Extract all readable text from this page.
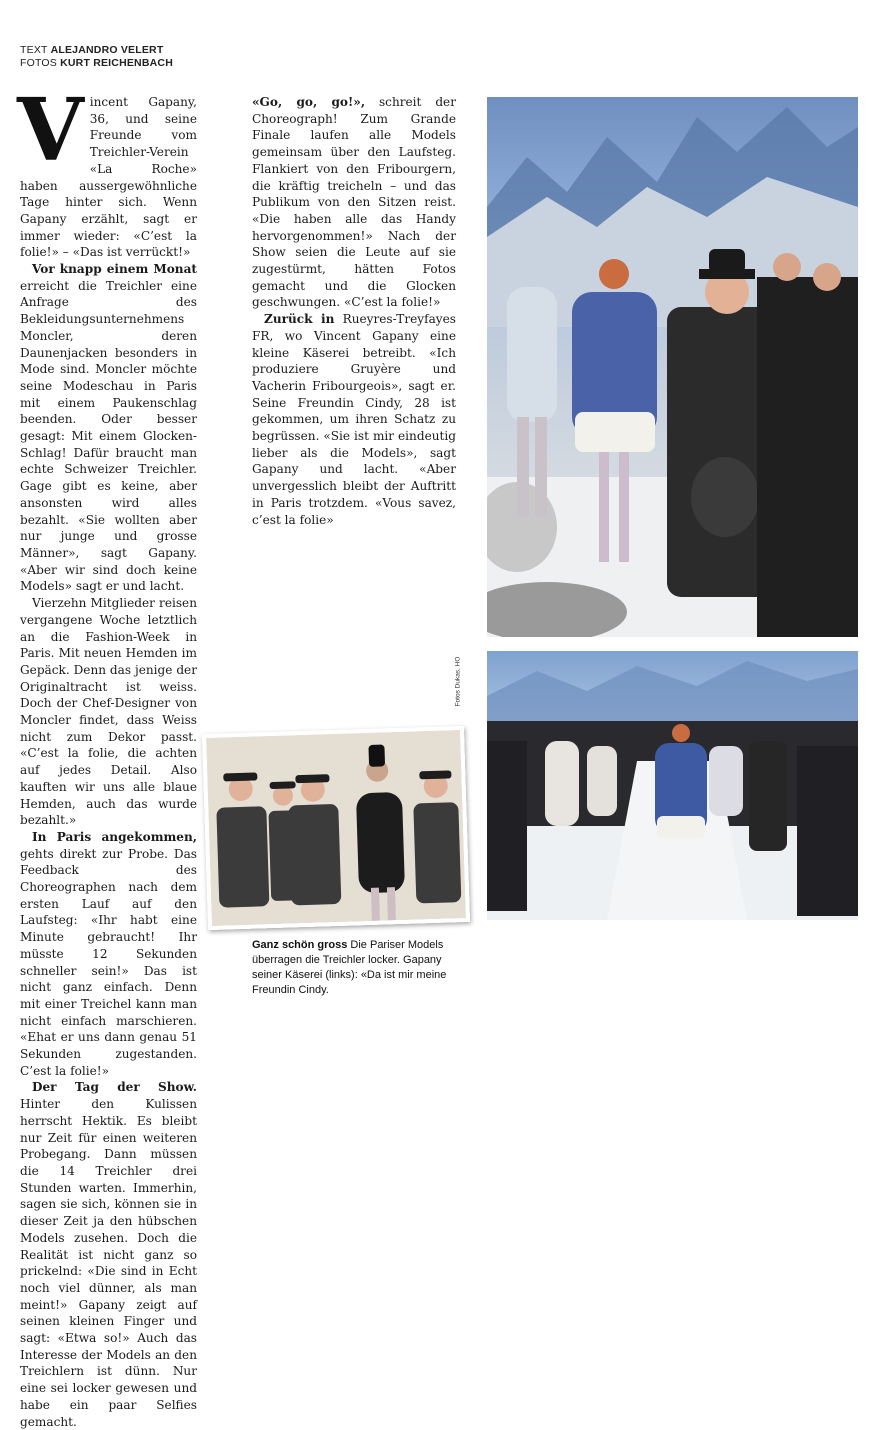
TEXT ALEJANDRO VELERT
FOTOS KURT REICHENBACH

Vincent Gapany, 36, und seine Freunde vom Treichler-Verein «La Roche» haben aussergewöhnliche Tage hinter sich. Wenn Gapany erzählt, sagt er immer wieder: «C’est la folie!» – «Das ist verrückt!»

Vor knapp einem Monat erreicht die Treichler eine Anfrage des Bekleidungsunternehmens Moncler, deren Daunenjacken besonders in Mode sind. Moncler möchte seine Modeschau in Paris mit einem Paukenschlag beenden. Oder besser gesagt: Mit einem Glocken-Schlag! Dafür braucht man echte Schweizer Treichler. Gage gibt es keine, aber ansonsten wird alles bezahlt. «Sie wollten aber nur junge und grosse Männer», sagt Gapany. «Aber wir sind doch keine Models» sagt er und lacht.

Vierzehn Mitglieder reisen vergangene Woche letztlich an die Fashion-Week in Paris. Mit neuen Hemden im Gepäck. Denn das jenige der Originaltracht ist weiss. Doch der Chef-Designer von Moncler findet, dass Weiss nicht zum Dekor passt. «C’est la folie, die achten auf jedes Detail. Also kauften wir uns alle blaue Hemden, auch das wurde bezahlt.»

In Paris angekommen, gehts direkt zur Probe. Das Feedback des Choreographen nach dem ersten Lauf auf den Laufsteg: «Ihr habt eine Minute gebraucht! Ihr müsste 12 Sekunden schneller sein!» Das ist nicht ganz einfach. Denn mit einer Treichel kann man nicht einfach marschieren. «Ehat er uns dann genau 51 Sekunden zugestanden. C’est la folie!»

Der Tag der Show. Hinter den Kulissen herrscht Hektik. Es bleibt nur Zeit für einen weiteren Probegang. Dann müssen die 14 Treichler drei Stunden warten. Immerhin, sagen sie sich, können sie in dieser Zeit ja den hübschen Models zusehen. Doch die Realität ist nicht ganz so prickelnd: «Die sind in Echt noch viel dünner, als man meint!» Gapany zeigt auf seinen kleinen Finger und sagt: «Etwa so!» Auch das Interesse der Models an den Treichlern ist dünn. Nur eine sei locker gewesen und habe ein paar Selfies gemacht.

«Go, go, go!», schreit der Choreograph! Zum Grande Finale laufen alle Models gemeinsam über den Laufsteg. Flankiert von den Fribourgern, die kräftig treicheln – und das Publikum von den Sitzen reist. «Die haben alle das Handy hervorgenommen!» Nach der Show seien die Leute auf sie zugestürmt, hätten Fotos gemacht und die Glocken geschwungen. «C’est la folie!»

Zurück in Rueyres-Treyfayes FR, wo Vincent Gapany eine kleine Käserei betreibt. «Ich produziere Gruyère und Vacherin Fribourgeois», sagt er. Seine Freundin Cindy, 28 ist gekommen, um ihren Schatz zu begrüssen. «Sie ist mir eindeutig lieber als die Models», sagt Gapany und lacht. «Aber unvergesslich bleibt der Auftritt in Paris trotzdem. «Vous savez, c’est la folie»

Fotos Dukas, HO
Ganz schön gross Die Pariser Models überragen die Treichler locker. Gapany seiner Käserei (links): «Da ist mir meine Freundin Cindy.
